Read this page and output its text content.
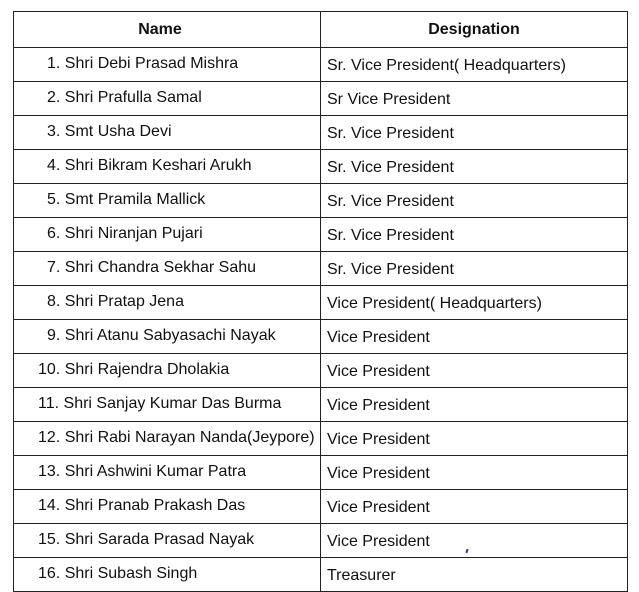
Name	Designation
1. Shri Debi Prasad Mishra	Sr. Vice President( Headquarters)
2. Shri Prafulla Samal	Sr Vice President
3. Smt Usha Devi	Sr. Vice President
4. Shri Bikram Keshari Arukh	Sr. Vice President
5. Smt Pramila Mallick	Sr. Vice President
6. Shri Niranjan Pujari	Sr. Vice President
7. Shri Chandra Sekhar Sahu	Sr. Vice President
8. Shri Pratap Jena	Vice President( Headquarters)
9. Shri Atanu Sabyasachi Nayak	Vice President
10. Shri Rajendra Dholakia	Vice President
11. Shri Sanjay Kumar Das Burma	Vice President
12. Shri Rabi Narayan Nanda(Jeypore)	Vice President
13. Shri Ashwini Kumar Patra	Vice President
14. Shri Pranab Prakash Das	Vice President
15. Shri Sarada Prasad Nayak	Vice President
16. Shri Subash Singh	Treasurer
